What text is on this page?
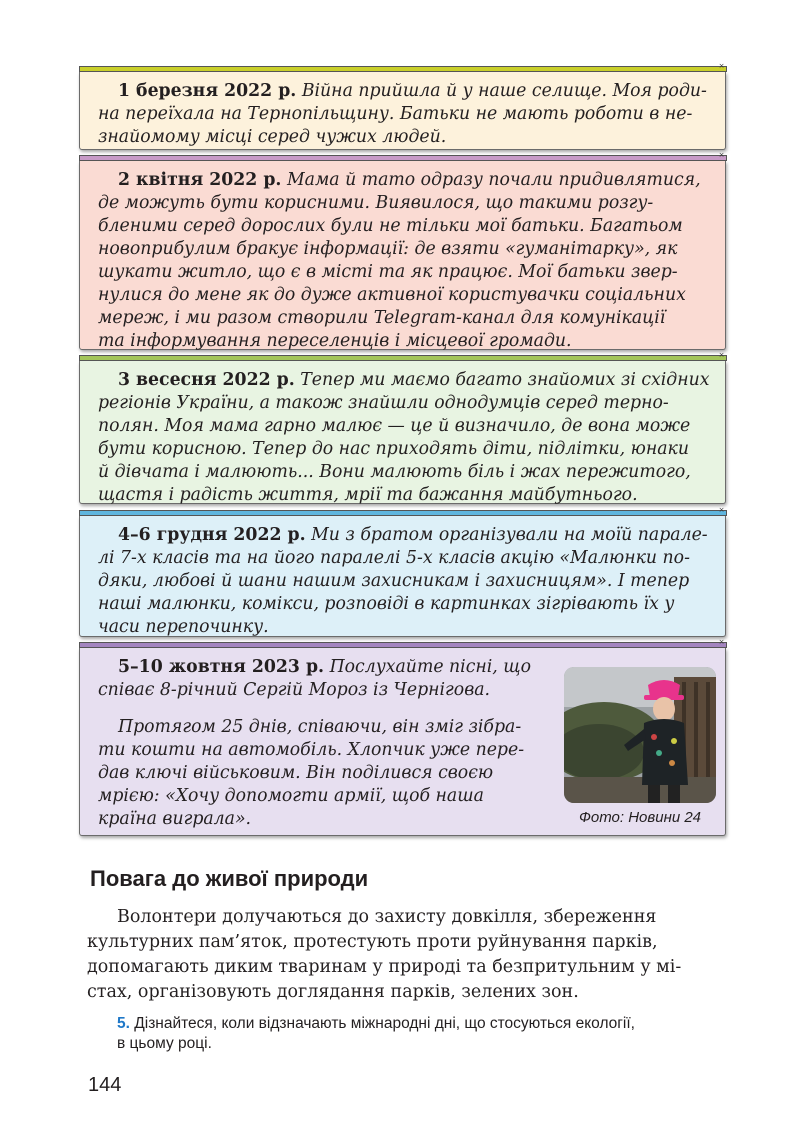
×

1 березня 2022 р. Війна прийшла й у наше селище. Моя роди-
на переїхала на Тернопільщину. Батьки не мають роботи в не-
знайомому місці серед чужих людей.

×

2 квітня 2022 р. Мама й тато одразу почали придивлятися,
де можуть бути корисними. Виявилося, що такими розгу-
бленими серед дорослих були не тільки мої батьки. Багатьом
новоприбулим бракує інформації: де взяти «гуманітарку», як
шукати житло, що є в місті та як працює. Мої батьки звер-
нулися до мене як до дуже активної користувачки соціальних
мереж, і ми разом створили Telegram-канал для комунікації
та інформування переселенців і місцевої громади.

×

3 весесня 2022 р. Тепер ми маємо багато знайомих зі східних
регіонів України, а також знайшли однодумців серед терно-
полян. Моя мама гарно малює — це й визначило, де вона може
бути корисною. Тепер до нас приходять діти, підлітки, юнаки
й дівчата і малюють... Вони малюють біль і жах пережитого,
щастя і радість життя, мрії та бажання майбутнього.

×

4–6 грудня 2022 р. Ми з братом організували на моїй парале-
лі 7-х класів та на його паралелі 5-х класів акцію «Малюнки по-
дяки, любові й шани нашим захисникам і захисницям». І тепер
наші малюнки, комікси, розповіді в картинках зігрівають їх у
часи перепочинку.

×

5–10 жовтня 2023 р. Послухайте пісні, що
співає 8-річний Сергій Мороз із Чернігова.

Протягом 25 днів, співаючи, він зміг зібра-
ти кошти на автомобіль. Хлопчик уже пере-
дав ключі військовим. Він поділився своєю
мрією: «Хочу допомогти армії, щоб наша
країна виграла».	Фото: Новини 24
Повага до живої природи

Волонтери долучаються до захисту довкілля, збереження
культурних пам’яток, протестують проти руйнування парків,
допомагають диким тваринам у природі та безпритульним у мі-
стах, організовують доглядання парків, зелених зон.

5. Дізнайтеся, коли відзначають міжнародні дні, що стосуються екології,
в цьому році.

144
